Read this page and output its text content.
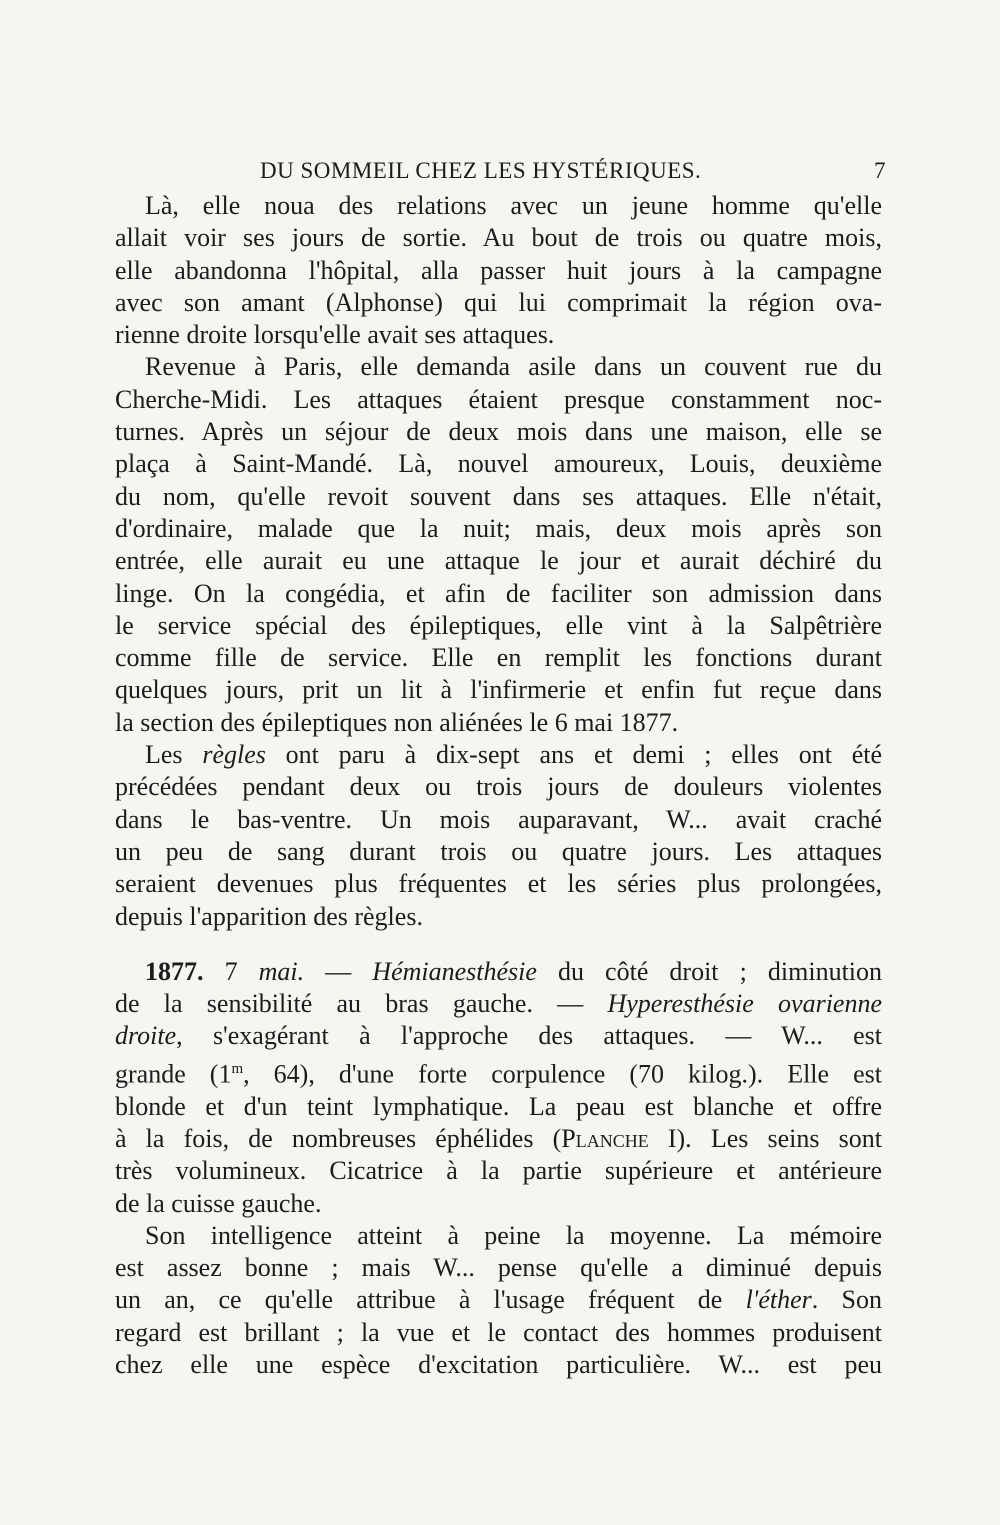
DU SOMMEIL CHEZ LES HYSTÉRIQUES.	7

Là, elle noua des relations avec un jeune homme qu'elle
allait voir ses jours de sortie. Au bout de trois ou quatre mois,
elle abandonna l'hôpital, alla passer huit jours à la campagne
avec son amant (Alphonse) qui lui comprimait la région ova-
rienne droite lorsqu'elle avait ses attaques.

Revenue à Paris, elle demanda asile dans un couvent rue du
Cherche-Midi. Les attaques étaient presque constamment noc-
turnes. Après un séjour de deux mois dans une maison, elle se
plaça à Saint-Mandé. Là, nouvel amoureux, Louis, deuxième
du nom, qu'elle revoit souvent dans ses attaques. Elle n'était,
d'ordinaire, malade que la nuit; mais, deux mois après son
entrée, elle aurait eu une attaque le jour et aurait déchiré du
linge. On la congédia, et afin de faciliter son admission dans
le service spécial des épileptiques, elle vint à la Salpêtrière
comme fille de service. Elle en remplit les fonctions durant
quelques jours, prit un lit à l'infirmerie et enfin fut reçue dans
la section des épileptiques non aliénées le 6 mai 1877.

Les règles ont paru à dix-sept ans et demi ; elles ont été
précédées pendant deux ou trois jours de douleurs violentes
dans le bas-ventre. Un mois auparavant, W... avait craché
un peu de sang durant trois ou quatre jours. Les attaques
seraient devenues plus fréquentes et les séries plus prolongées,
depuis l'apparition des règles.

1877. 7 mai. — Hémianesthésie du côté droit ; diminution
de la sensibilité au bras gauche. — Hyperesthésie ovarienne
droite, s'exagérant à l'approche des attaques. — W... est
grande (1$^m$, 64), d'une forte corpulence (70 kilog.). Elle est
blonde et d'un teint lymphatique. La peau est blanche et offre
à la fois, de nombreuses éphélides (Planche I). Les seins sont
très volumineux. Cicatrice à la partie supérieure et antérieure
de la cuisse gauche.

Son intelligence atteint à peine la moyenne. La mémoire
est assez bonne ; mais W... pense qu'elle a diminué depuis
un an, ce qu'elle attribue à l'usage fréquent de l'éther. Son
regard est brillant ; la vue et le contact des hommes produisent
chez elle une espèce d'excitation particulière. W... est peu
